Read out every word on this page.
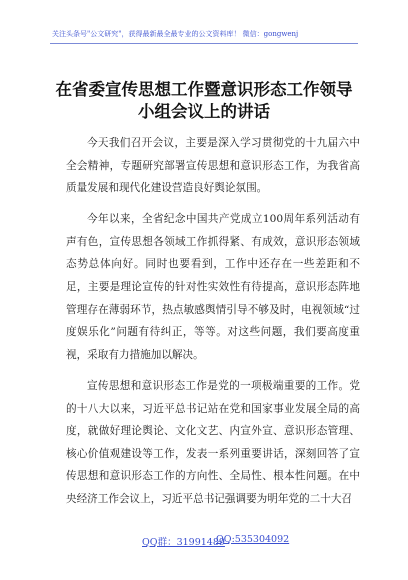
关注头条号"公文研究"，获得最新最全最专业的公文资料库！ 微信：gongwenj
在省委宣传思想工作暨意识形态工作领导小组会议上的讲话

今天我们召开会议，主要是深入学习贯彻党的十九届六中全会精神，专题研究部署宣传思想和意识形态工作，为我省高质量发展和现代化建设营造良好舆论氛围。

今年以来，全省纪念中国共产党成立100周年系列活动有声有色，宣传思想各领域工作抓得紧、有成效，意识形态领域态势总体向好。同时也要看到，工作中还存在一些差距和不足，主要是理论宣传的针对性实效性有待提高，意识形态阵地管理存在薄弱环节，热点敏感舆情引导不够及时，电视领域“过度娱乐化”问题有待纠正，等等。对这些问题，我们要高度重视，采取有力措施加以解决。

宣传思想和意识形态工作是党的一项极端重要的工作。党的十八大以来，习近平总书记站在党和国家事业发展全局的高度，就做好理论舆论、文化文艺、内宣外宣、意识形态管理、核心价值观建设等工作，发表一系列重要讲话，深刻回答了宣传思想和意识形态工作的方向性、全局性、根本性问题。在中央经济工作会议上，习近平总书记强调要为明年党的二十大召

QQ群：31991489
QQ:535304092
